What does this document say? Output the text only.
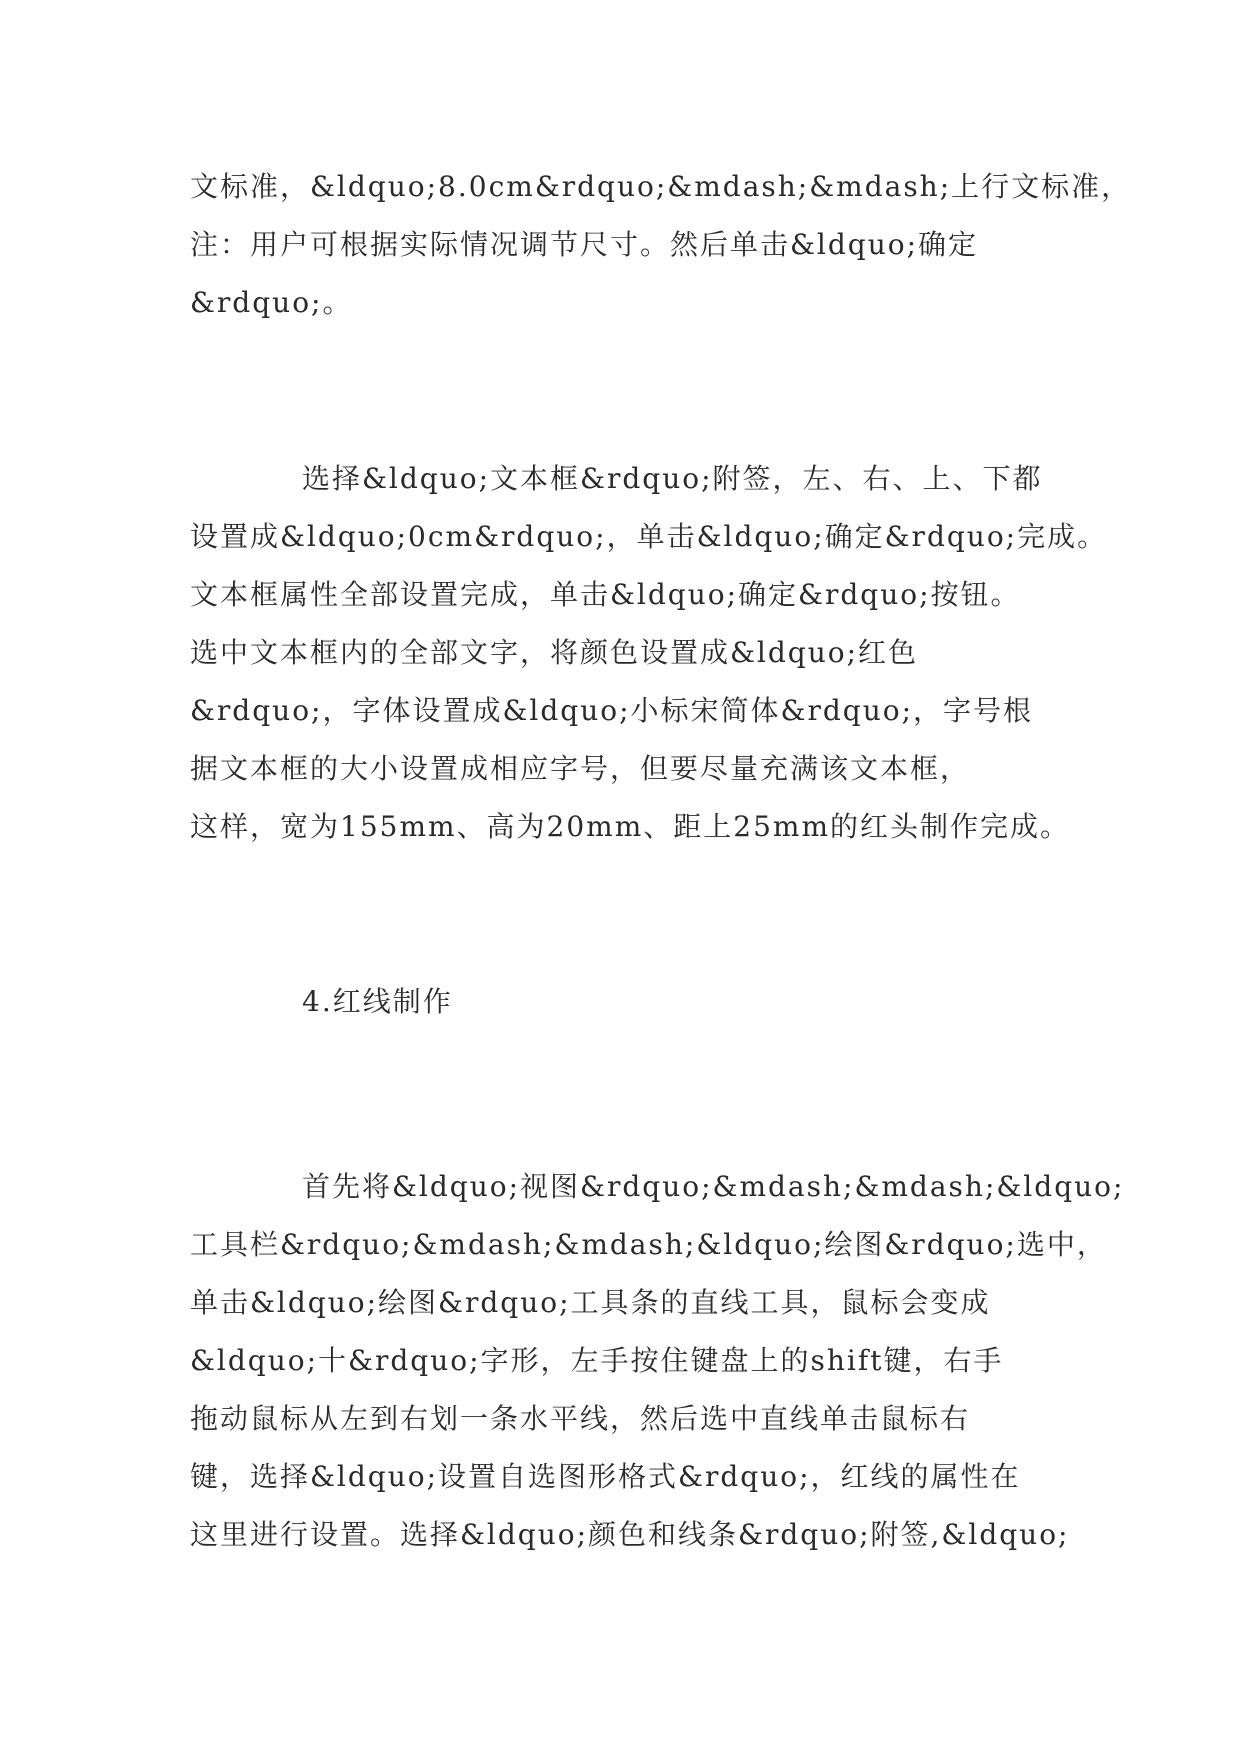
文标准，&ldquo;8.0cm&rdquo;&mdash;&mdash;上行文标准，
注：用户可根据实际情况调节尺寸。然后单击&ldquo;确定
&rdquo;。

选择&ldquo;文本框&rdquo;附签，左、右、上、下都
设置成&ldquo;0cm&rdquo;，单击&ldquo;确定&rdquo;完成。
文本框属性全部设置完成，单击&ldquo;确定&rdquo;按钮。
选中文本框内的全部文字，将颜色设置成&ldquo;红色
&rdquo;，字体设置成&ldquo;小标宋简体&rdquo;，字号根
据文本框的大小设置成相应字号，但要尽量充满该文本框，
这样，宽为155mm、高为20mm、距上25mm的红头制作完成。

4.红线制作

首先将&ldquo;视图&rdquo;&mdash;&mdash;&ldquo;
工具栏&rdquo;&mdash;&mdash;&ldquo;绘图&rdquo;选中，
单击&ldquo;绘图&rdquo;工具条的直线工具，鼠标会变成
&ldquo;十&rdquo;字形，左手按住键盘上的shift键，右手
拖动鼠标从左到右划一条水平线，然后选中直线单击鼠标右
键，选择&ldquo;设置自选图形格式&rdquo;，红线的属性在
这里进行设置。选择&ldquo;颜色和线条&rdquo;附签,&ldquo;
